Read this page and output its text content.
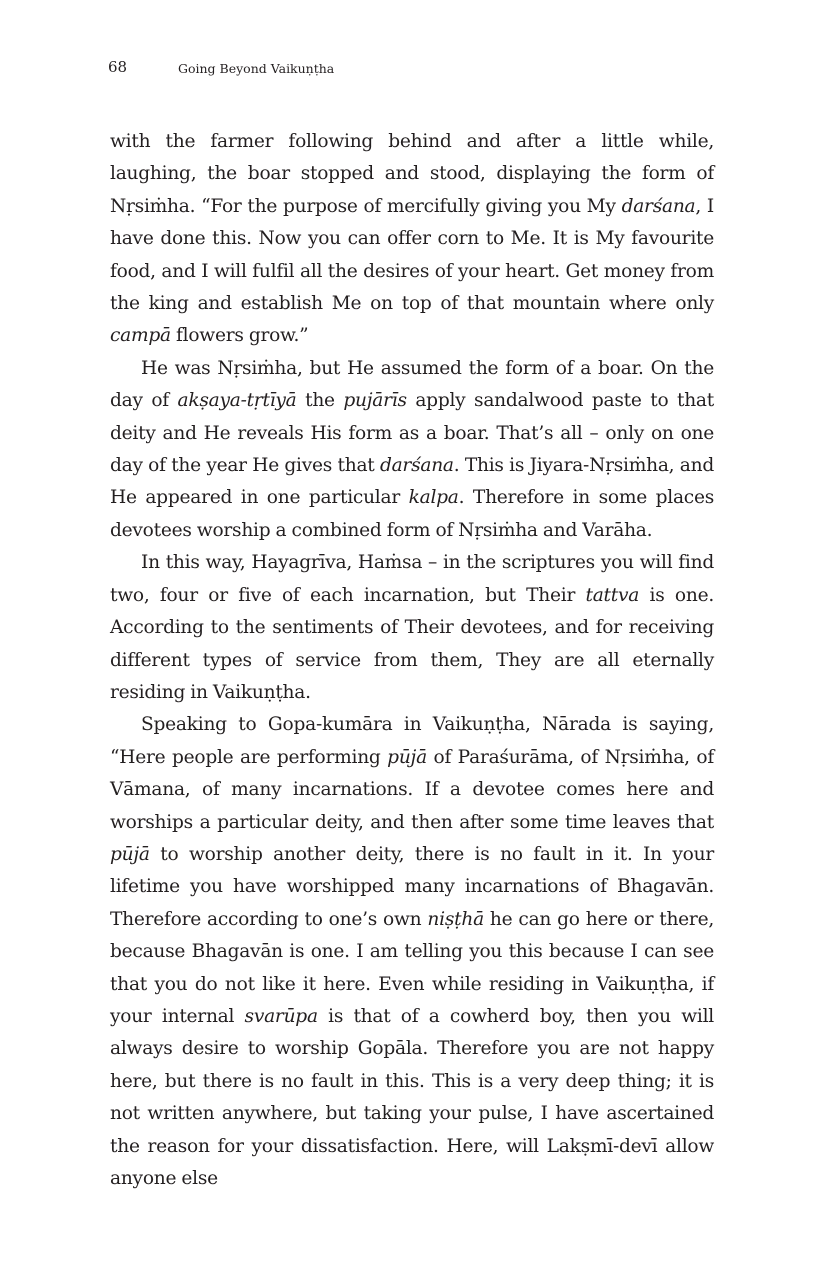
68	Going Beyond Vaikuṇṭha

with the farmer following behind and after a little while, laughing, the boar stopped and stood, displaying the form of Nṛsiṁha. “For the purpose of mercifully giving you My darśana, I have done this. Now you can offer corn to Me. It is My favourite food, and I will fulfil all the desires of your heart. Get money from the king and establish Me on top of that mountain where only campā flowers grow.”

He was Nṛsiṁha, but He assumed the form of a boar. On the day of akṣaya-tṛtīyā the pujārīs apply sandalwood paste to that deity and He reveals His form as a boar. That’s all – only on one day of the year He gives that darśana. This is Jiyara-Nṛsiṁha, and He appeared in one particular kalpa. Therefore in some places devotees worship a combined form of Nṛsiṁha and Varāha.

In this way, Hayagrīva, Haṁsa – in the scriptures you will find two, four or five of each incarnation, but Their tattva is one. According to the sentiments of Their devotees, and for receiving different types of service from them, They are all eternally residing in Vaikuṇṭha.

Speaking to Gopa-kumāra in Vaikuṇṭha, Nārada is saying, “Here people are performing pūjā of Paraśurāma, of Nṛsiṁha, of Vāmana, of many incarnations. If a devotee comes here and worships a particular deity, and then after some time leaves that pūjā to worship another deity, there is no fault in it. In your lifetime you have worshipped many incarnations of Bhagavān. Therefore according to one’s own niṣṭhā he can go here or there, because Bhagavān is one. I am telling you this because I can see that you do not like it here. Even while residing in Vaikuṇṭha, if your internal svarūpa is that of a cowherd boy, then you will always desire to worship Gopāla. Therefore you are not happy here, but there is no fault in this. This is a very deep thing; it is not written anywhere, but taking your pulse, I have ascertained the reason for your dissatisfaction. Here, will Lakṣmī-devī allow anyone else
